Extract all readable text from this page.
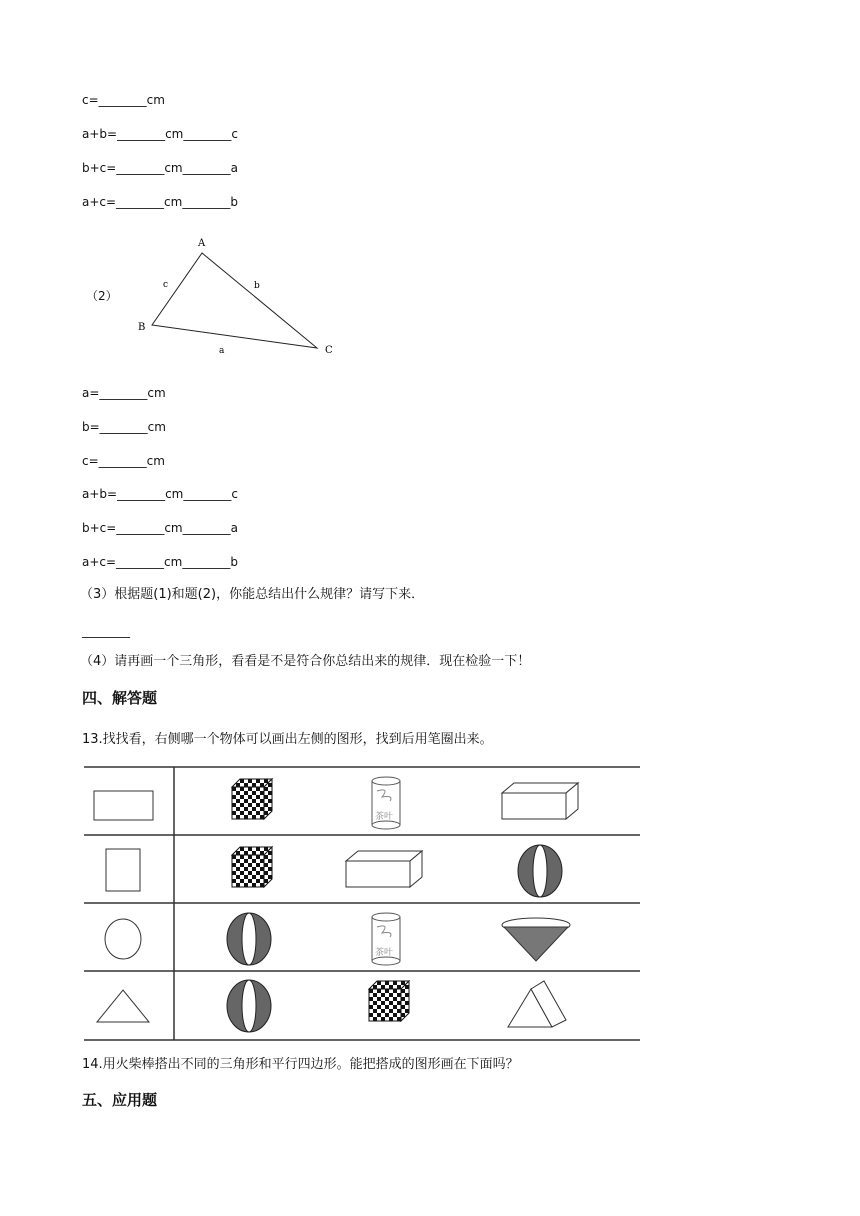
c=________cm
a+b=________cm________c
b+c=________cm________a
a+c=________cm________b
（2）
A
B
C
c	b
a
a=________cm
b=________cm
c=________cm
a+b=________cm________c
b+c=________cm________a
a+c=________cm________b
（3）根据题(1)和题(2)，你能总结出什么规律？请写下来．
________
（4）请再画一个三角形，看看是不是符合你总结出来的规律．现在检验一下！
四、解答题
13.找找看，右侧哪一个物体可以画出左侧的图形，找到后用笔圈出来。
茶叶
茶叶
14.用火柴棒搭出不同的三角形和平行四边形。能把搭成的图形画在下面吗？
五、应用题
